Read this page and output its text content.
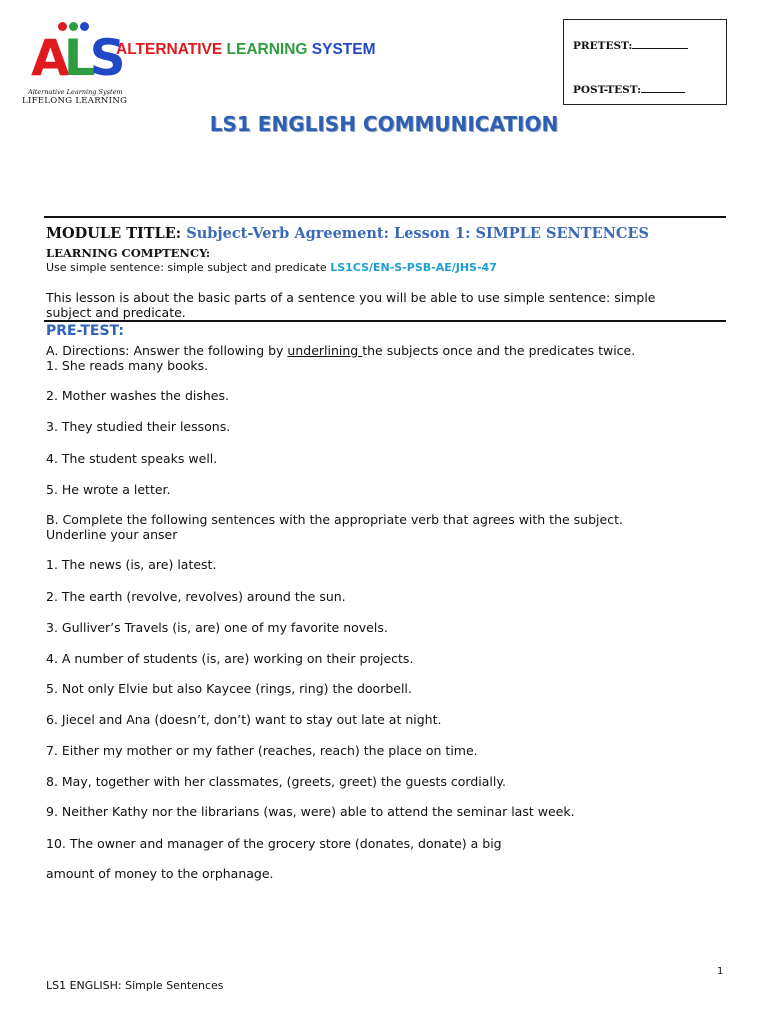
ALS
Alternative Learning System
LIFELONG LEARNING
ALTERNATIVE LEARNING SYSTEM	PRETEST:
POST-TEST:
LS1 ENGLISH COMMUNICATION
MODULE TITLE: Subject-Verb Agreement: Lesson 1: SIMPLE SENTENCES
LEARNING COMPTENCY:
Use simple sentence: simple subject and predicate LS1CS/EN-S-PSB-AE/JHS-47
This lesson is about the basic parts of a sentence you will be able to use simple sentence: simple
subject and predicate.
PRE-TEST:
A. Directions: Answer the following by underlining the subjects once and the predicates twice.
1. She reads many books.
2. Mother washes the dishes.
3. They studied their lessons.
4. The student speaks well.
5. He wrote a letter.
B. Complete the following sentences with the appropriate verb that agrees with the subject.
Underline your anser
1. The news (is, are) latest.
2. The earth (revolve, revolves) around the sun.
3. Gulliver’s Travels (is, are) one of my favorite novels.
4. A number of students (is, are) working on their projects.
5. Not only Elvie but also Kaycee (rings, ring) the doorbell.
6. Jiecel and Ana (doesn’t, don’t) want to stay out late at night.
7. Either my mother or my father (reaches, reach) the place on time.
8. May, together with her classmates, (greets, greet) the guests cordially.
9. Neither Kathy nor the librarians (was, were) able to attend the seminar last week.
10. The owner and manager of the grocery store (donates, donate) a big
amount of money to the orphanage.
1
LS1 ENGLISH: Simple Sentences
